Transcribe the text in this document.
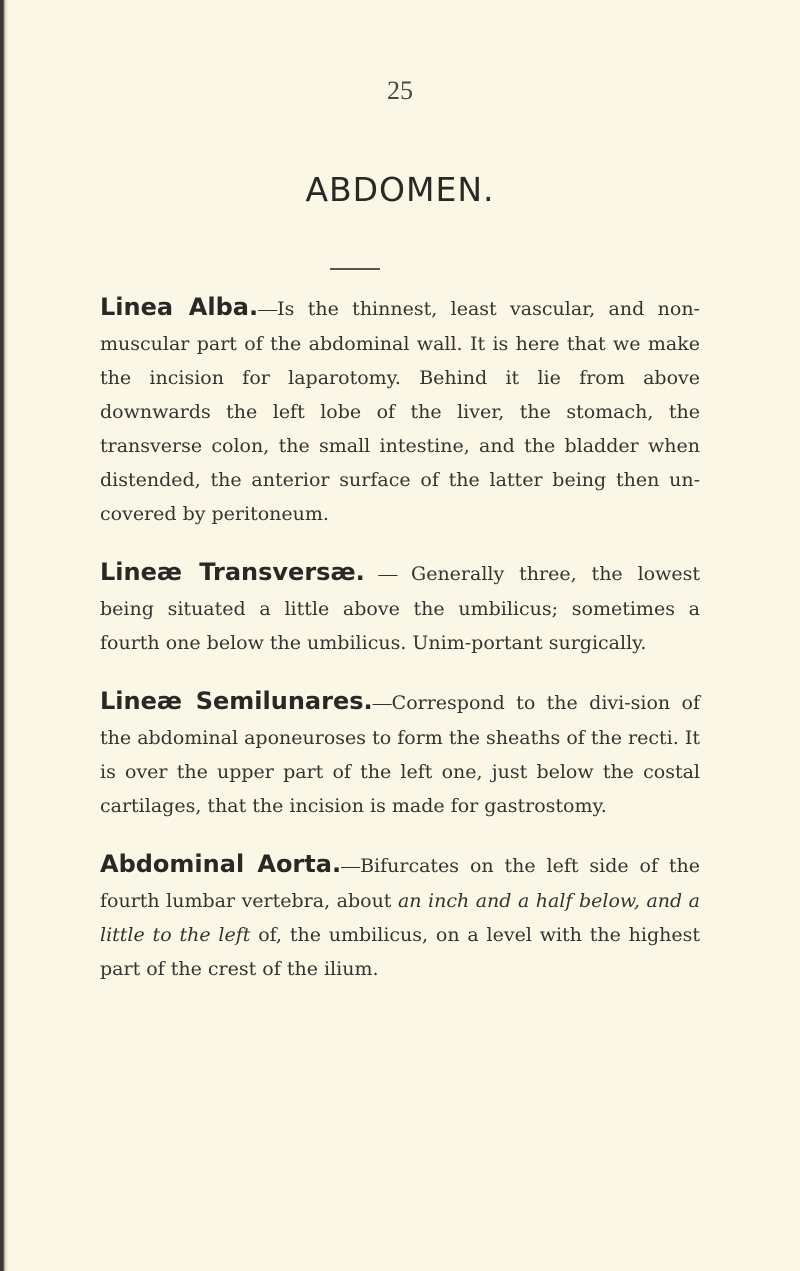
25
ABDOMEN.

Linea Alba.—Is the thinnest, least vascular, and non-muscular part of the abdominal wall. It is here that we make the incision for laparotomy. Behind it lie from above downwards the left lobe of the liver, the stomach, the transverse colon, the small intestine, and the bladder when distended, the anterior surface of the latter being then un-covered by peritoneum.

Lineæ Transversæ. — Generally three, the lowest being situated a little above the umbilicus; sometimes a fourth one below the umbilicus. Unim-portant surgically.

Lineæ Semilunares.—Correspond to the divi-sion of the abdominal aponeuroses to form the sheaths of the recti. It is over the upper part of the left one, just below the costal cartilages, that the incision is made for gastrostomy.

Abdominal Aorta.—Bifurcates on the left side of the fourth lumbar vertebra, about an inch and a half below, and a little to the left of, the umbilicus, on a level with the highest part of the crest of the ilium.
